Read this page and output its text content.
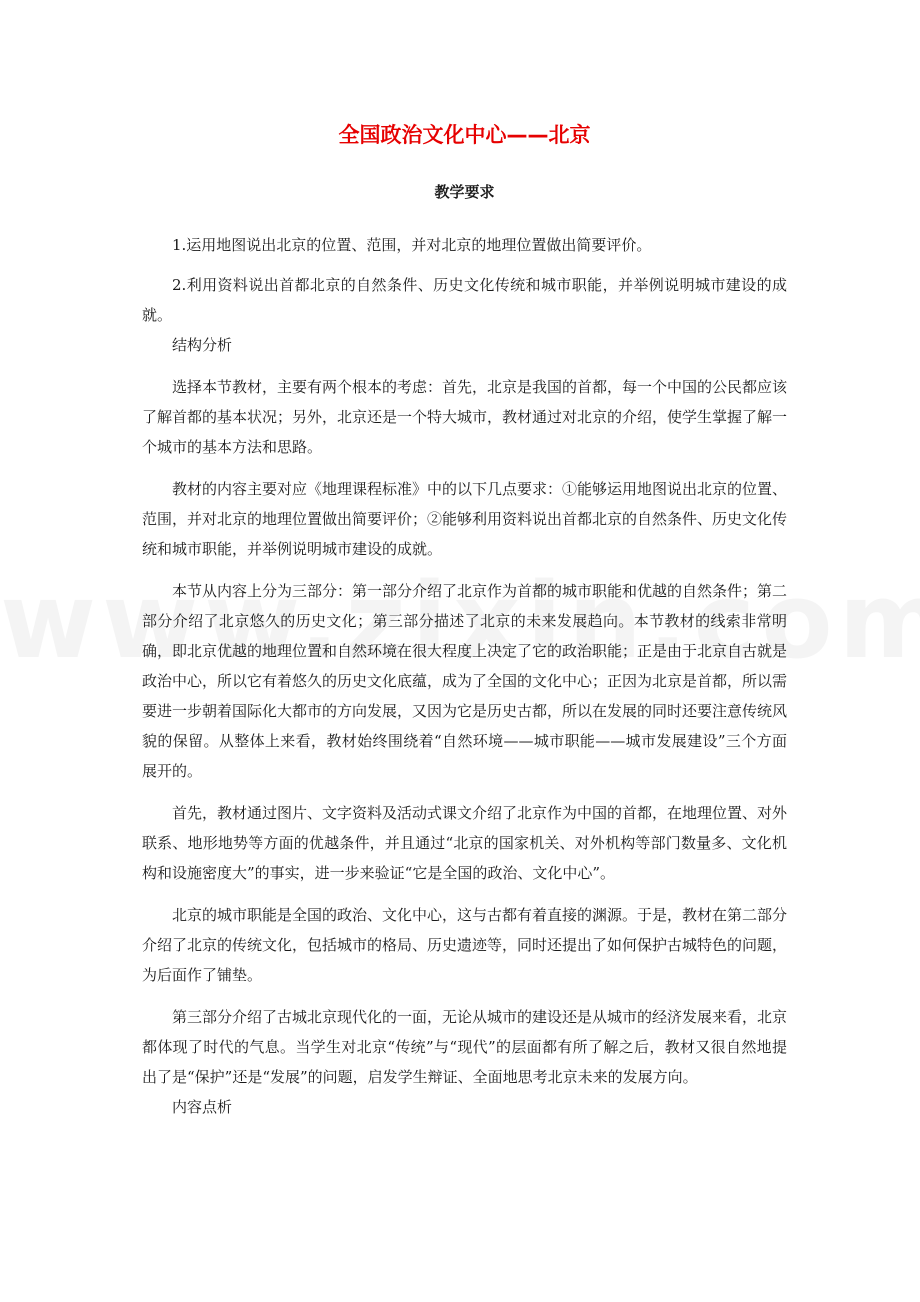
全国政治文化中心——北京
教学要求

1.运用地图说出北京的位置、范围，并对北京的地理位置做出简要评价。

2.利用资料说出首都北京的自然条件、历史文化传统和城市职能，并举例说明城市建设的成就。

结构分析

选择本节教材，主要有两个根本的考虑：首先，北京是我国的首都，每一个中国的公民都应该了解首都的基本状况；另外，北京还是一个特大城市，教材通过对北京的介绍，使学生掌握了解一个城市的基本方法和思路。

教材的内容主要对应《地理课程标准》中的以下几点要求：①能够运用地图说出北京的位置、范围，并对北京的地理位置做出简要评价；②能够利用资料说出首都北京的自然条件、历史文化传统和城市职能，并举例说明城市建设的成就。

本节从内容上分为三部分：第一部分介绍了北京作为首都的城市职能和优越的自然条件；第二部分介绍了北京悠久的历史文化；第三部分描述了北京的未来发展趋向。本节教材的线索非常明确，即北京优越的地理位置和自然环境在很大程度上决定了它的政治职能；正是由于北京自古就是政治中心，所以它有着悠久的历史文化底蕴，成为了全国的文化中心；正因为北京是首都，所以需要进一步朝着国际化大都市的方向发展，又因为它是历史古都，所以在发展的同时还要注意传统风貌的保留。从整体上来看，教材始终围绕着“自然环境——城市职能——城市发展建设”三个方面展开的。

首先，教材通过图片、文字资料及活动式课文介绍了北京作为中国的首都，在地理位置、对外联系、地形地势等方面的优越条件，并且通过“北京的国家机关、对外机构等部门数量多、文化机构和设施密度大”的事实，进一步来验证“它是全国的政治、文化中心”。

北京的城市职能是全国的政治、文化中心，这与古都有着直接的渊源。于是，教材在第二部分介绍了北京的传统文化，包括城市的格局、历史遗迹等，同时还提出了如何保护古城特色的问题，为后面作了铺垫。

第三部分介绍了古城北京现代化的一面，无论从城市的建设还是从城市的经济发展来看，北京都体现了时代的气息。当学生对北京“传统”与“现代”的层面都有所了解之后，教材又很自然地提出了是“保护”还是“发展”的问题，启发学生辩证、全面地思考北京未来的发展方向。

内容点析
